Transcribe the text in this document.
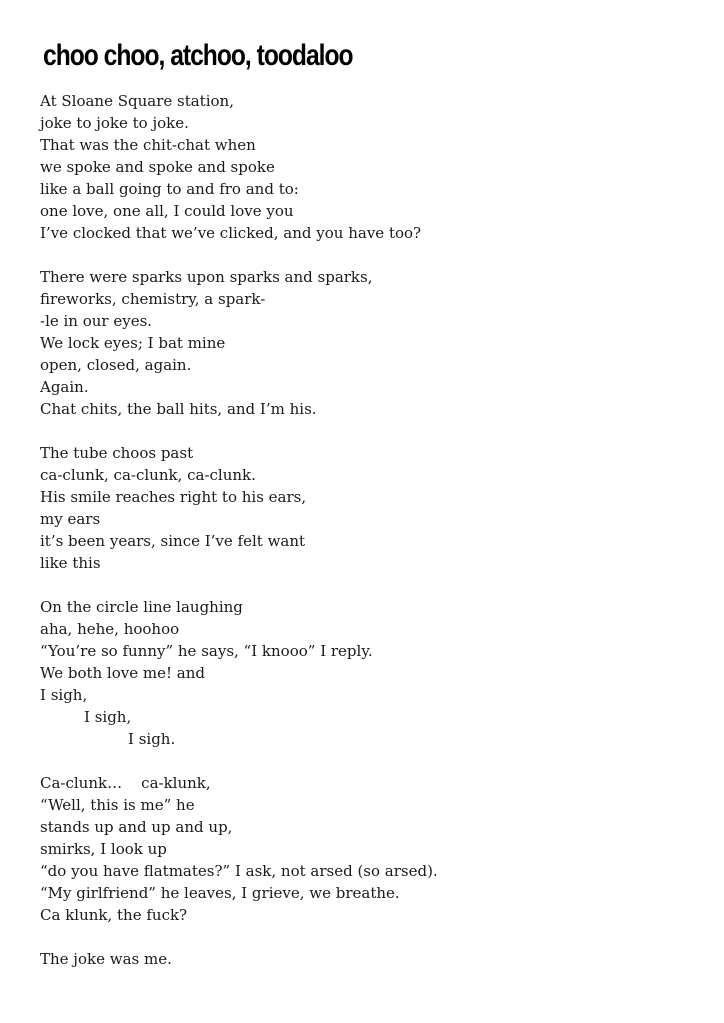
choo choo, atchoo, toodaloo
At Sloane Square station,
joke to joke to joke.
That was the chit-chat when
we spoke and spoke and spoke
like a ball going to and fro and to:
one love, one all, I could love you
I’ve clocked that we’ve clicked, and you have too?
There were sparks upon sparks and sparks,
fireworks, chemistry, a spark-
-le in our eyes.
We lock eyes; I bat mine
open, closed, again.
Again.
Chat chits, the ball hits, and I’m his.
The tube choos past
ca-clunk, ca-clunk, ca-clunk.
His smile reaches right to his ears,
my ears
it’s been years, since I’ve felt want
like this
On the circle line laughing
aha, hehe, hoohoo
“You’re so funny” he says, “I knooo” I reply.
We both love me! and
I sigh,
I sigh,
I sigh.
Ca-clunk…    ca-klunk,
“Well, this is me” he
stands up and up and up,
smirks, I look up
“do you have flatmates?” I ask, not arsed (so arsed).
“My girlfriend” he leaves, I grieve, we breathe.
Ca klunk, the fuck?
The joke was me.
